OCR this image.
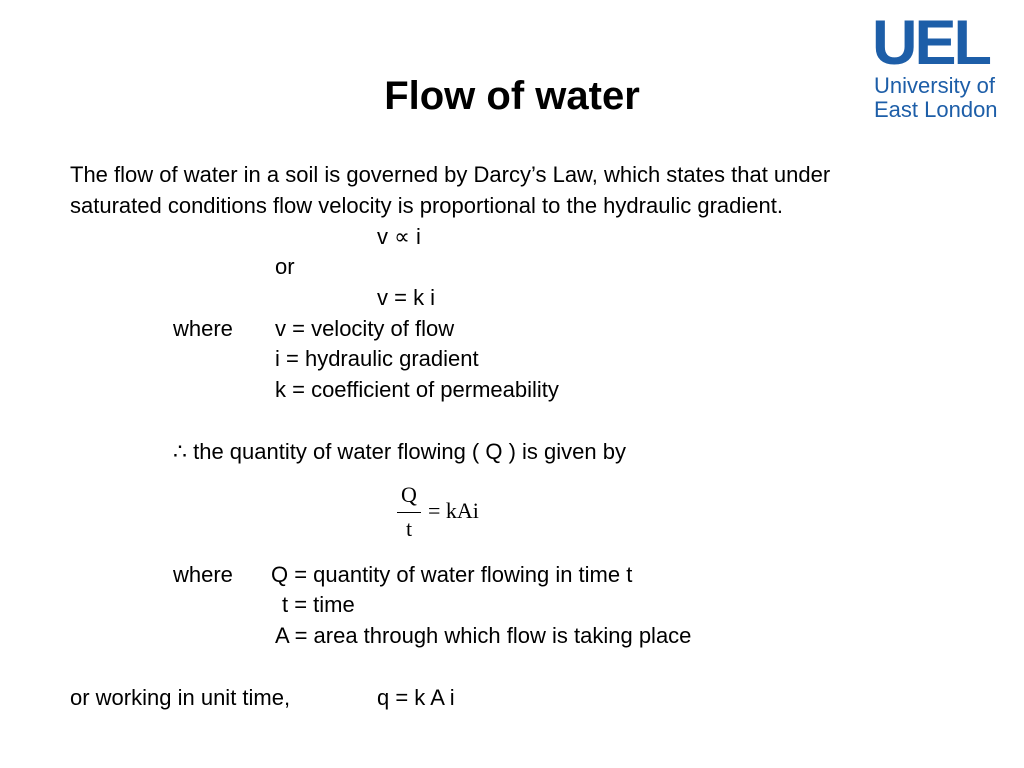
Flow of water
UEL
University of
East London

The flow of water in a soil is governed by Darcy’s Law, which states that under

saturated conditions flow velocity is proportional to the hydraulic gradient.

v ∝ i

or

v = k i

where v = velocity of flow

i = hydraulic gradient

k = coefficient of permeability

∴ the quantity of water flowing ( Q ) is given by

Q
t
= kAi

where Q = quantity of water flowing in time t

t = time

A = area through which flow is taking place

or working in unit time,	q = k A i
